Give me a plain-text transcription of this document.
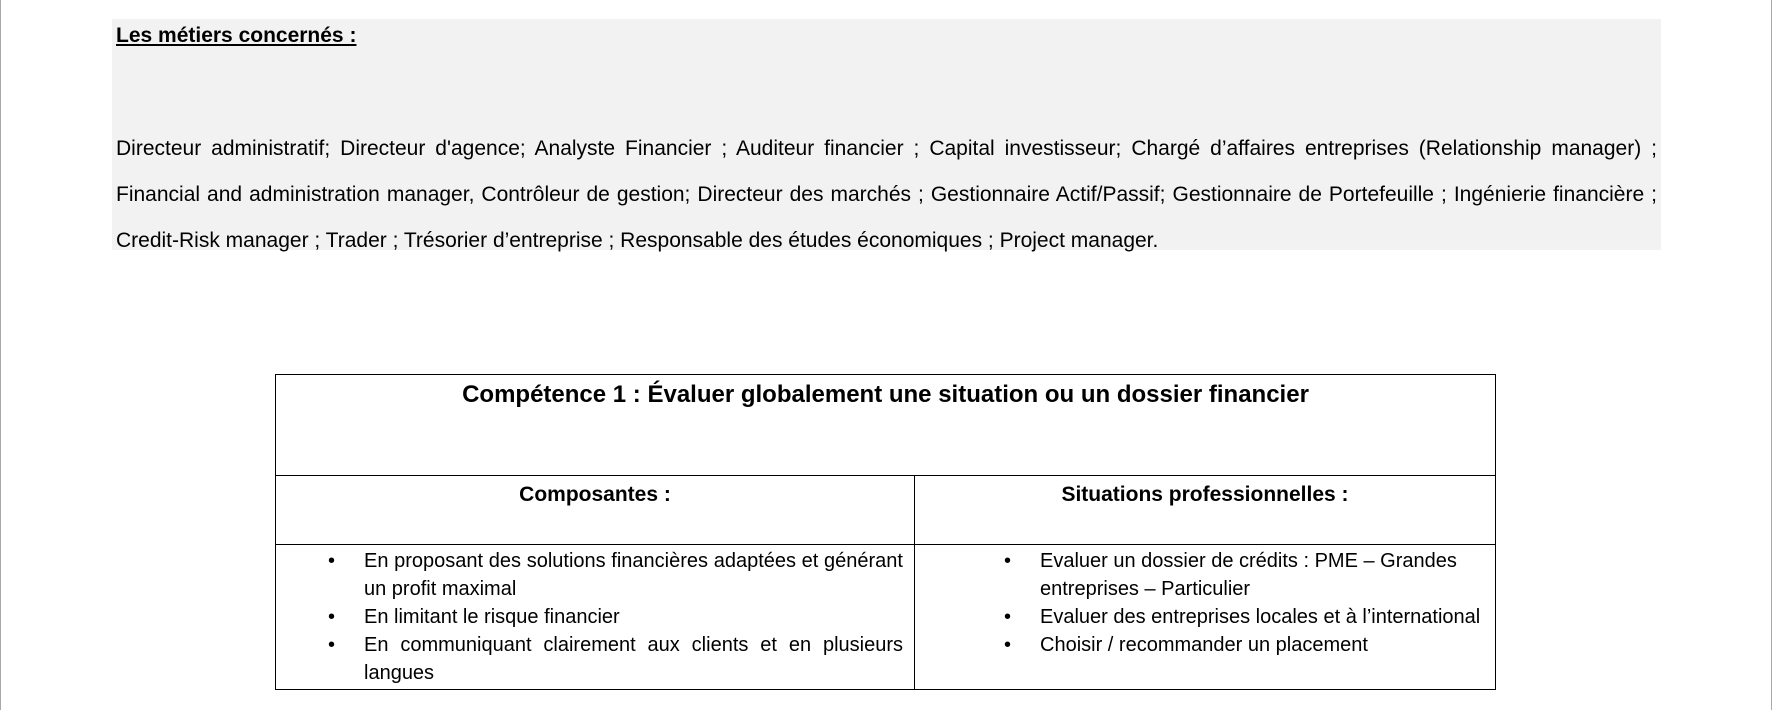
Les métiers concernés :

Directeur administratif; Directeur d'agence; Analyste Financier ; Auditeur financier ; Capital investisseur; Chargé d’affaires entreprises (Relationship manager) ; Financial and administration manager, Contrôleur de gestion; Directeur des marchés ; Gestionnaire Actif/Passif; Gestionnaire de Portefeuille ; Ingénierie financière ; Credit-Risk manager ; Trader ; Trésorier d’entreprise ; Responsable des études économiques ; Project manager.

Compétence 1 : Évaluer globalement une situation ou un dossier financier
Composantes :	Situations professionnelles :
• En proposant des solutions financières adaptées et générant un profit maximal
• En limitant le risque financier
• En communiquant clairement aux clients et en plusieurs langues
• Evaluer un dossier de crédits : PME – Grandes entreprises – Particulier
• Evaluer des entreprises locales et à l’international
• Choisir / recommander un placement
